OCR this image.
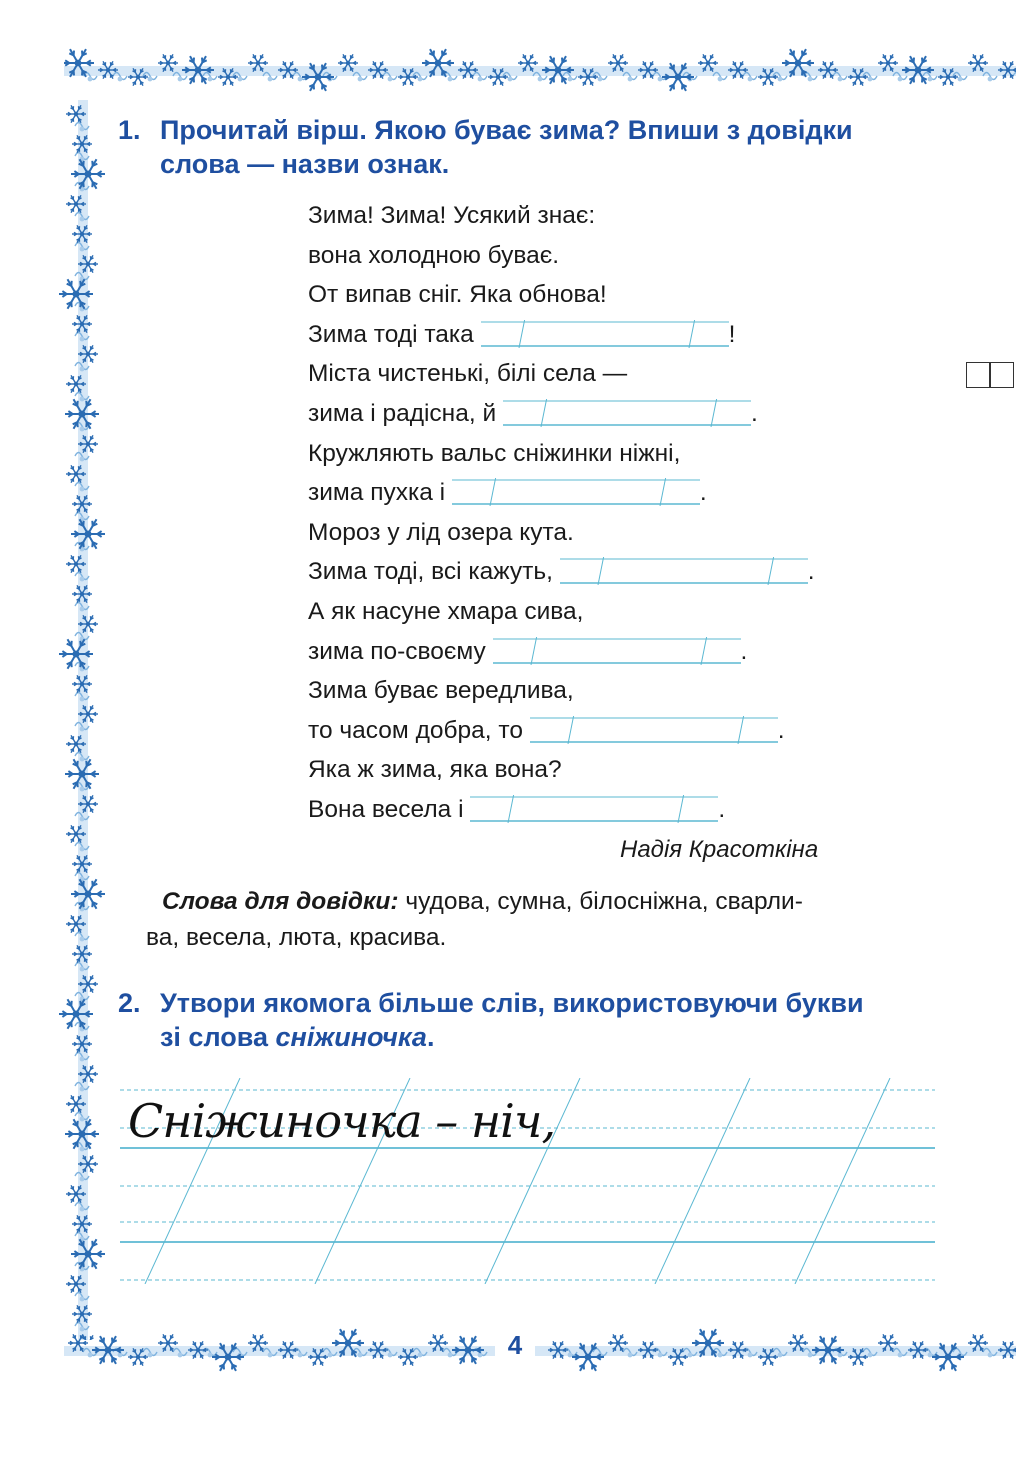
1. Прочитай вірш. Якою буває зима? Впиши з довідки
слова — назви ознак.

Зима! Зима! Усякий знає:
вона холодною буває.
От випав сніг. Яка обнова!
Зима тоді така	!
Міста чистенькі, білі села —
зима і радісна, й	.
Кружляють вальс сніжинки ніжні,
зима пухка і	.
Мороз у лід озера кута.
Зима тоді, всі кажуть,	.
А як насуне хмара сива,
зима по-своєму	.
Зима буває вередлива,
то часом добра, то	.
Яка ж зима, яка вона?
Вона весела і	.
Надія Красоткіна
Слова для довідки: чудова, сумна, білосніжна, сварли-
ва, весела, люта, красива.

2. Утвори якомога більше слів, використовуючи букви
зі слова сніжиночка.

Сніжиночка – ніч,
4
